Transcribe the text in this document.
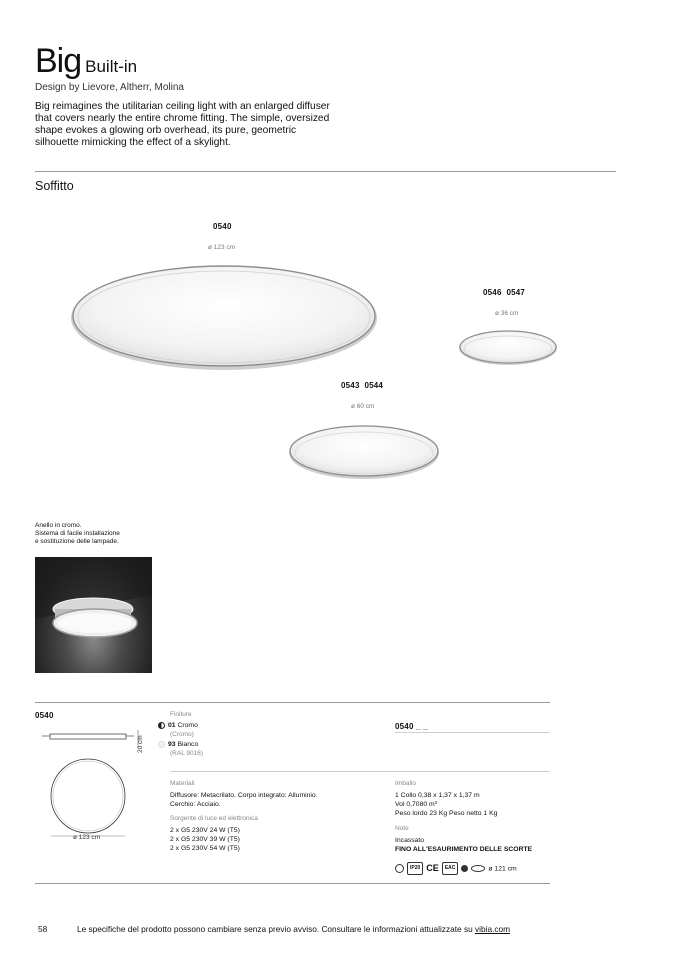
Big Built-in
Design by Lievore, Altherr, Molina
Big reimagines the utilitarian ceiling light with an enlarged diffuser that covers nearly the entire chrome fitting. The simple, oversized shape evokes a glowing orb overhead, its pure, geometric silhouette mimicking the effect of a skylight.
Soffitto
0540
ø 123 cm
0546  0547
ø 36 cm
0543  0544
ø 60 cm
Anello in cromo.
Sistema di facile installazione
e sostituzione delle lampade.
0540
20 cm
ø 123 cm
Finiture
01 Cromo
(Cromo)
93 Bianco
(RAL 9016)
0540 _ _
Materiali
Diffusore: Metacrilato. Corpo integrato: Alluminio.
Cerchio: Acciaio.
Sorgente di luce ed elettronica
2 x G5 230V 24 W (T5)
2 x G5 230V 39 W (T5)
2 x G5 230V 54 W (T5)
Imballo
1 Collo 0,38 x 1,37 x 1,37 m
Vol 0,7080 m³
Peso lordo 23 Kg Peso netto 1 Kg
Note
Incassato
FINO ALL'ESAURIMENTO DELLE SCORTE
IP20 CE EAC	ø 121 cm
58	Le specifiche del prodotto possono cambiare senza previo avviso. Consultare le informazioni attualizzate su vibia.com
